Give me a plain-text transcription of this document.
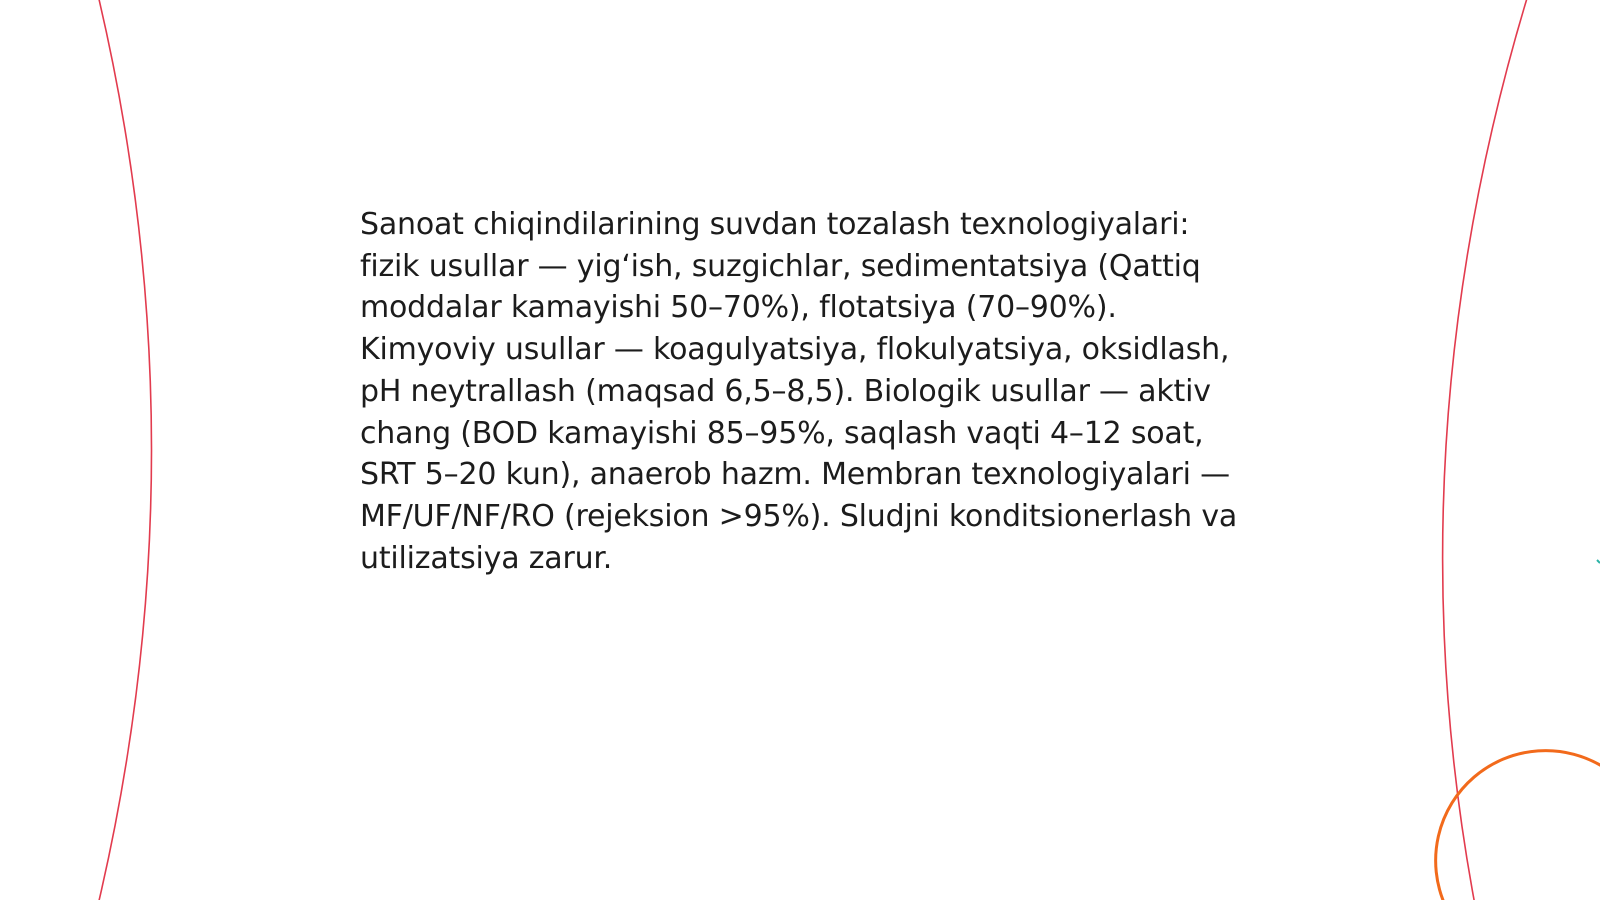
Sanoat chiqindilarining suvdan tozalash texnologiyalari: fizik usullar — yig‘ish, suzgichlar, sedimentatsiya (Qattiq moddalar kamayishi 50–70%), flotatsiya (70–90%). Kimyoviy usullar — koagulyatsiya, flokulyatsiya, oksidlash, pH neytrallash (maqsad 6,5–8,5). Biologik usullar — aktiv chang (BOD kamayishi 85–95%, saqlash vaqti 4–12 soat, SRT 5–20 kun), anaerob hazm. Membran texnologiyalari — MF/UF/NF/RO (rejeksion >95%). Sludjni konditsionerlash va utilizatsiya zarur.
